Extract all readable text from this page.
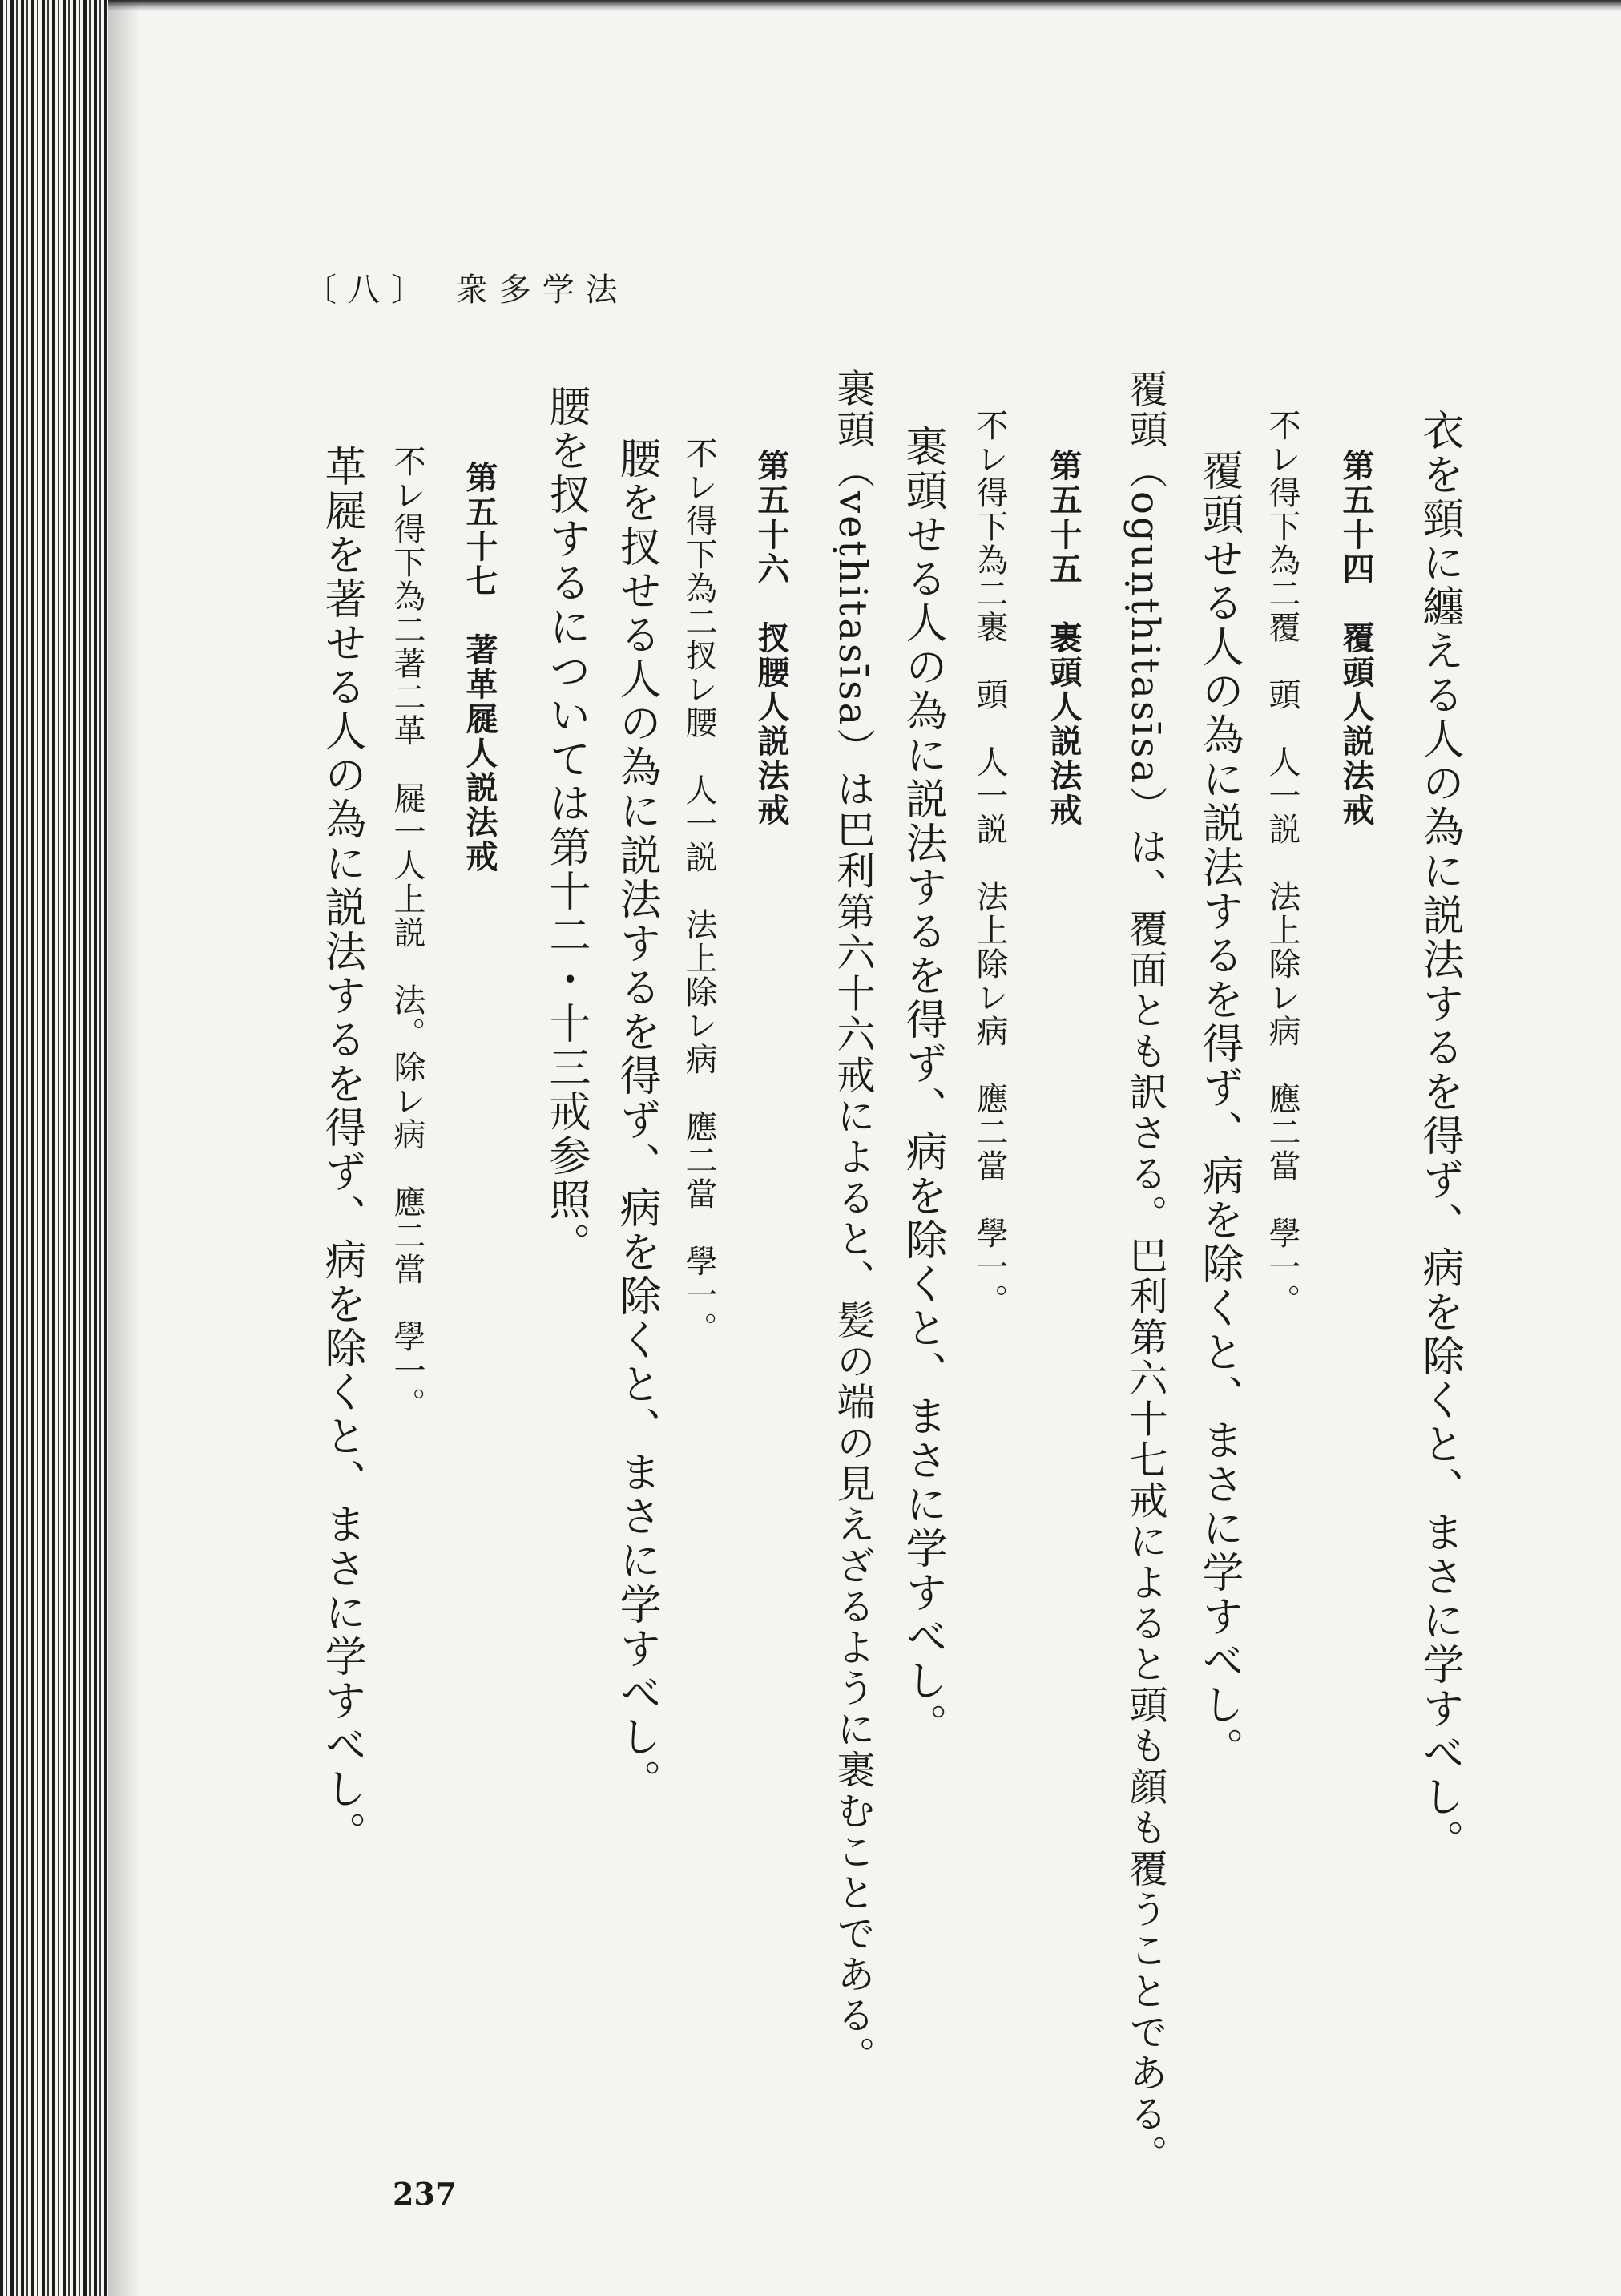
〔八〕 衆多学法
衣を頸に纏える人の為に説法するを得ず、病を除くと、まさに学すべし。
第五十四　覆頭人説法戒
不レ得下為二覆　頭　人一説　法上除レ病　應二當　學一。
覆頭せる人の為に説法するを得ず、病を除くと、まさに学すべし。
覆頭（oguṇṭhitasīsa）は、覆面とも訳さる。巴利第六十七戒によると頭も顔も覆うことである。
第五十五　裹頭人説法戒
不レ得下為二裹　頭　人一説　法上除レ病　應二當　學一。
裹頭せる人の為に説法するを得ず、病を除くと、まさに学すべし。
裹頭（veṭhitasīsa）は巴利第六十六戒によると、髪の端の見えざるように裹むことである。
第五十六　扠腰人説法戒
不レ得下為二扠レ腰　人一説　法上除レ病　應二當　學一。
腰を扠せる人の為に説法するを得ず、病を除くと、まさに学すべし。
腰を扠するについては第十二・十三戒参照。
第五十七　著革屣人説法戒
不レ得下為二著二革　屣一人上説　法。除レ病　應二當　學一。
革屣を著せる人の為に説法するを得ず、病を除くと、まさに学すべし。
237
